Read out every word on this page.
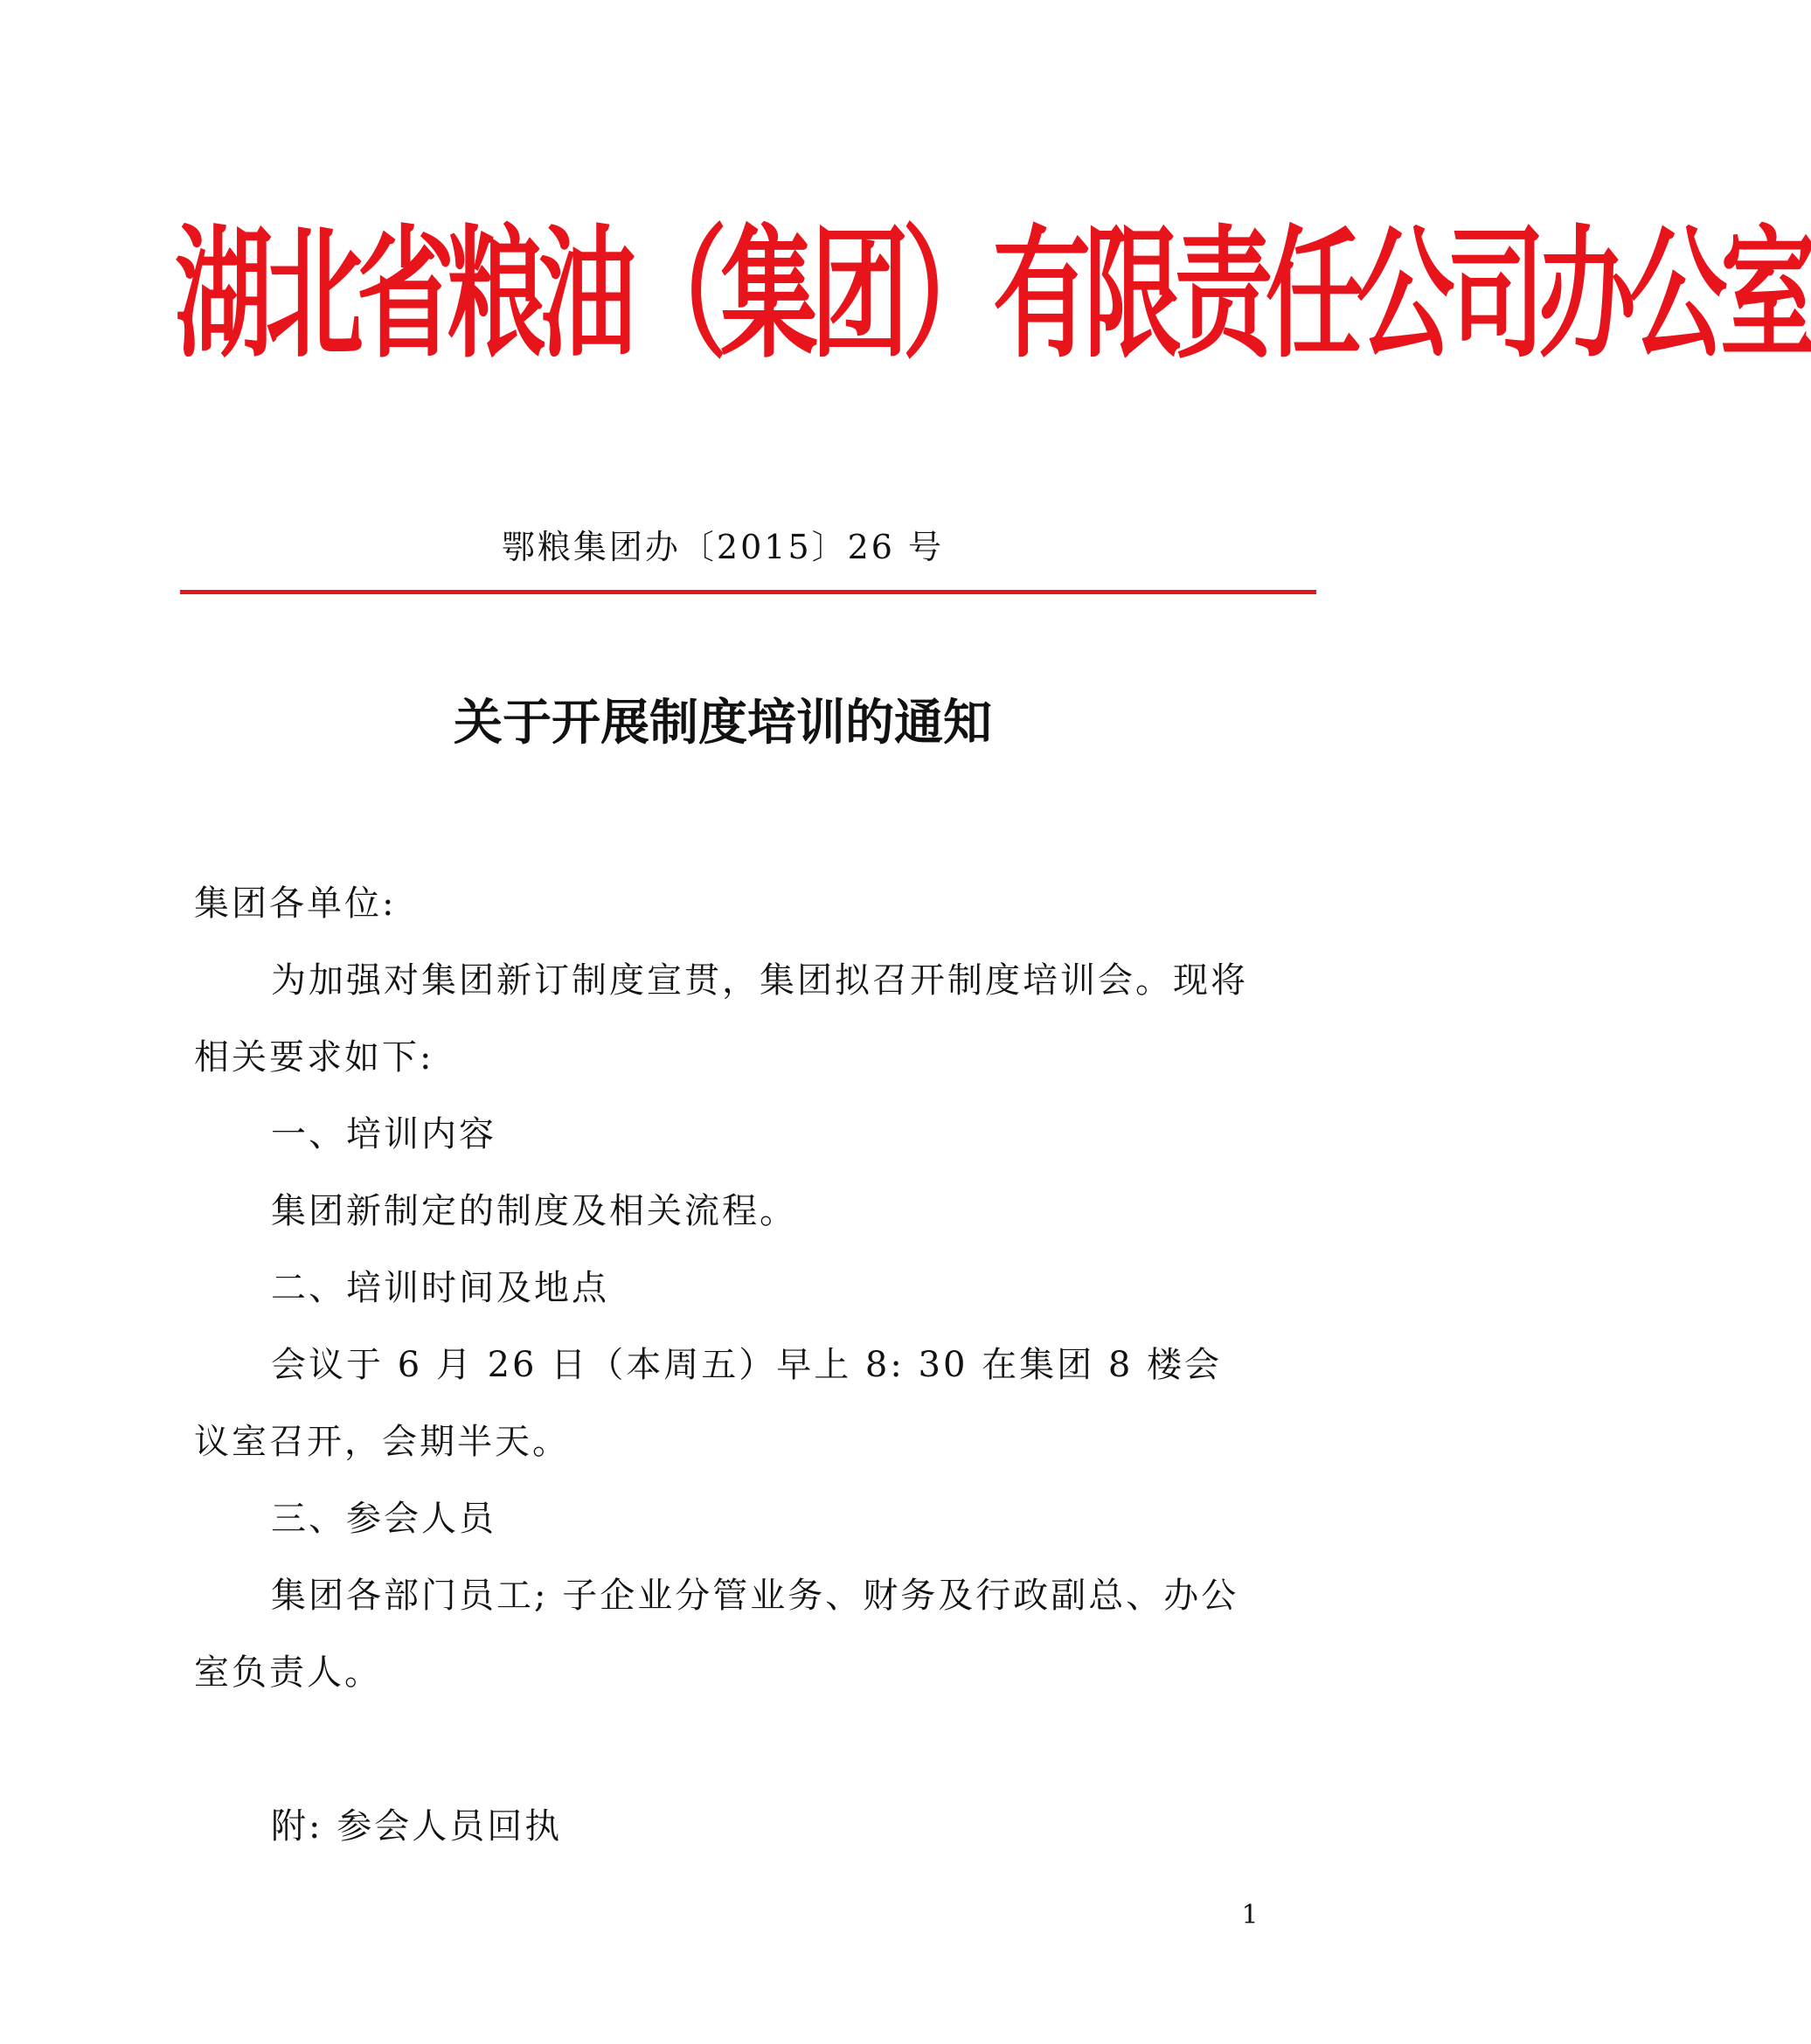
湖北省粮油（集团）有限责任公司办公室
鄂粮集团办〔2015〕26 号
关于开展制度培训的通知

集团各单位:

为加强对集团新订制度宣贯，集团拟召开制度培训会。现将相关要求如下:

一、培训内容

集团新制定的制度及相关流程。

二、培训时间及地点

会议于 6 月 26 日（本周五）早上 8: 30 在集团 8 楼会议室召开，会期半天。

三、参会人员

集团各部门员工; 子企业分管业务、财务及行政副总、办公室负责人。

附: 参会人员回执

1
